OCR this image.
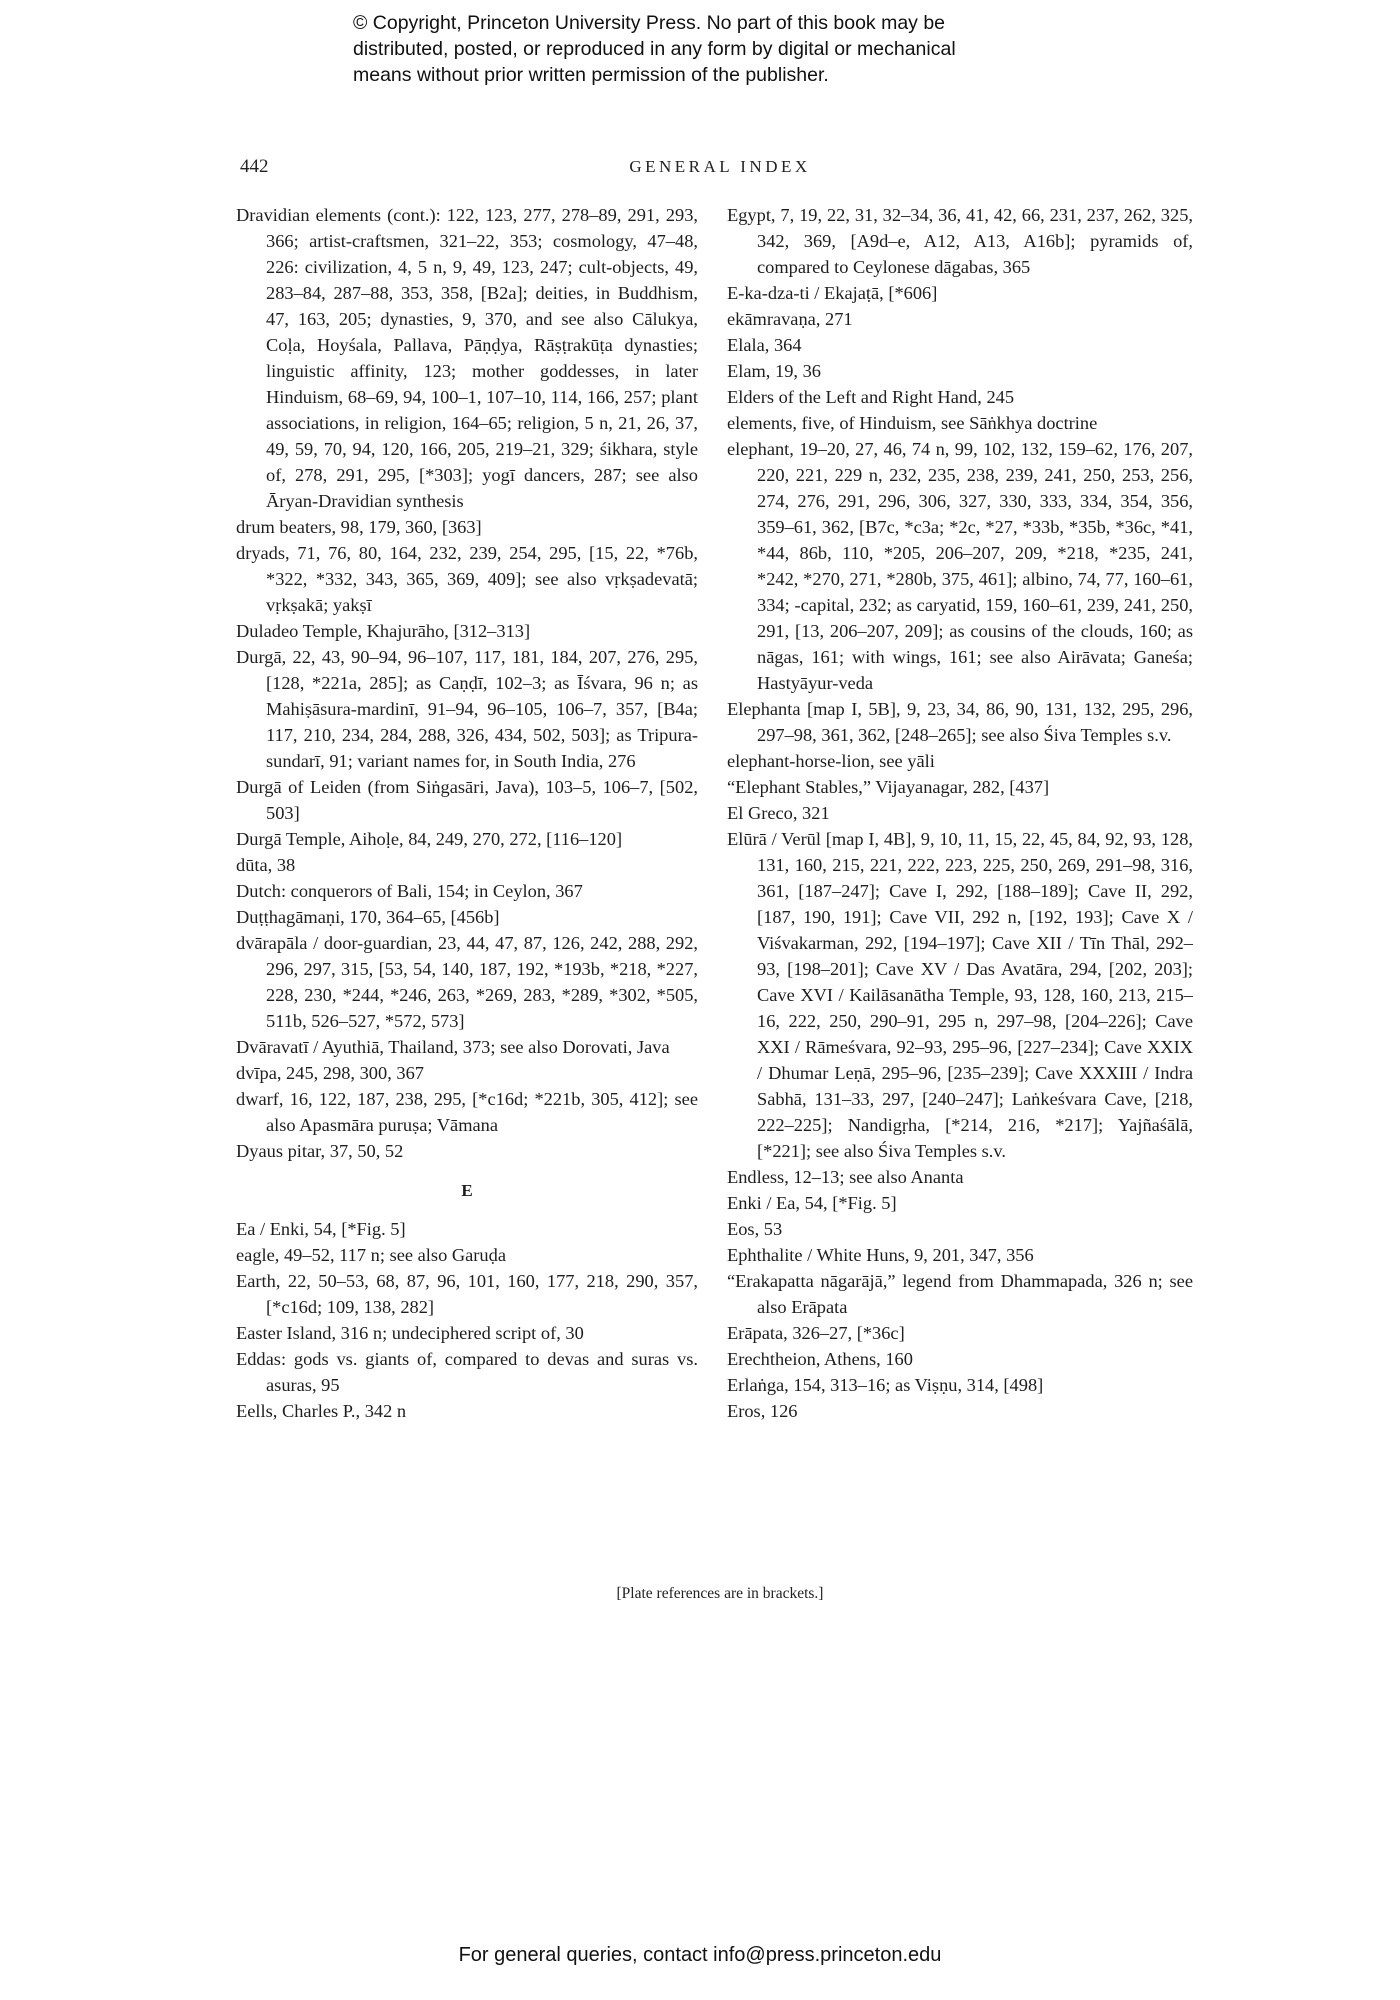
© Copyright, Princeton University Press. No part of this book may be
distributed, posted, or reproduced in any form by digital or mechanical
means without prior written permission of the publisher.
442	GENERAL INDEX

Dravidian elements (cont.): 122, 123, 277, 278–89, 291, 293, 366; artist-craftsmen, 321–22, 353; cosmology, 47–48, 226: civilization, 4, 5 n, 9, 49, 123, 247; cult-objects, 49, 283–84, 287–88, 353, 358, [B2a]; deities, in Buddhism, 47, 163, 205; dynasties, 9, 370, and see also Cālukya, Coḷa, Hoyśala, Pallava, Pāṇḍya, Rāṣṭrakūṭa dynasties; linguistic affinity, 123; mother goddesses, in later Hinduism, 68–69, 94, 100–1, 107–10, 114, 166, 257; plant associations, in religion, 164–65; religion, 5 n, 21, 26, 37, 49, 59, 70, 94, 120, 166, 205, 219–21, 329; śikhara, style of, 278, 291, 295, [*303]; yogī dancers, 287; see also Āryan-Dravidian synthesis

drum beaters, 98, 179, 360, [363]

dryads, 71, 76, 80, 164, 232, 239, 254, 295, [15, 22, *76b, *322, *332, 343, 365, 369, 409]; see also vṛkṣadevatā; vṛkṣakā; yakṣī

Duladeo Temple, Khajurāho, [312–313]

Durgā, 22, 43, 90–94, 96–107, 117, 181, 184, 207, 276, 295, [128, *221a, 285]; as Caṇḍī, 102–3; as Īśvara, 96 n; as Mahiṣāsura-mardinī, 91–94, 96–105, 106–7, 357, [B4a; 117, 210, 234, 284, 288, 326, 434, 502, 503]; as Tripura-sundarī, 91; variant names for, in South India, 276

Durgā of Leiden (from Siṅgasāri, Java), 103–5, 106–7, [502, 503]

Durgā Temple, Aihoḷe, 84, 249, 270, 272, [116–120]

dūta, 38

Dutch: conquerors of Bali, 154; in Ceylon, 367

Duṭṭhagāmaṇi, 170, 364–65, [456b]

dvārapāla / door-guardian, 23, 44, 47, 87, 126, 242, 288, 292, 296, 297, 315, [53, 54, 140, 187, 192, *193b, *218, *227, 228, 230, *244, *246, 263, *269, 283, *289, *302, *505, 511b, 526–527, *572, 573]

Dvāravatī / Ayuthiā, Thailand, 373; see also Dorovati, Java

dvīpa, 245, 298, 300, 367

dwarf, 16, 122, 187, 238, 295, [*c16d; *221b, 305, 412]; see also Apasmāra puruṣa; Vāmana

Dyaus pitar, 37, 50, 52

E

Ea / Enki, 54, [*Fig. 5]

eagle, 49–52, 117 n; see also Garuḍa

Earth, 22, 50–53, 68, 87, 96, 101, 160, 177, 218, 290, 357, [*c16d; 109, 138, 282]

Easter Island, 316 n; undeciphered script of, 30

Eddas: gods vs. giants of, compared to devas and suras vs. asuras, 95

Eells, Charles P., 342 n

Egypt, 7, 19, 22, 31, 32–34, 36, 41, 42, 66, 231, 237, 262, 325, 342, 369, [A9d–e, A12, A13, A16b]; pyramids of, compared to Ceylonese dāgabas, 365

E-ka-dza-ti / Ekajaṭā, [*606]

ekāmravaṇa, 271

Elala, 364

Elam, 19, 36

Elders of the Left and Right Hand, 245

elements, five, of Hinduism, see Sāṅkhya doctrine

elephant, 19–20, 27, 46, 74 n, 99, 102, 132, 159–62, 176, 207, 220, 221, 229 n, 232, 235, 238, 239, 241, 250, 253, 256, 274, 276, 291, 296, 306, 327, 330, 333, 334, 354, 356, 359–61, 362, [B7c, *c3a; *2c, *27, *33b, *35b, *36c, *41, *44, 86b, 110, *205, 206–207, 209, *218, *235, 241, *242, *270, 271, *280b, 375, 461]; albino, 74, 77, 160–61, 334; -capital, 232; as caryatid, 159, 160–61, 239, 241, 250, 291, [13, 206–207, 209]; as cousins of the clouds, 160; as nāgas, 161; with wings, 161; see also Airāvata; Ganeśa; Hastyāyur-veda

Elephanta [map I, 5B], 9, 23, 34, 86, 90, 131, 132, 295, 296, 297–98, 361, 362, [248–265]; see also Śiva Temples s.v.

elephant-horse-lion, see yāli

“Elephant Stables,” Vijayanagar, 282, [437]

El Greco, 321

Elūrā / Verūl [map I, 4B], 9, 10, 11, 15, 22, 45, 84, 92, 93, 128, 131, 160, 215, 221, 222, 223, 225, 250, 269, 291–98, 316, 361, [187–247]; Cave I, 292, [188–189]; Cave II, 292, [187, 190, 191]; Cave VII, 292 n, [192, 193]; Cave X / Viśvakarman, 292, [194–197]; Cave XII / Tīn Thāl, 292–93, [198–201]; Cave XV / Das Avatāra, 294, [202, 203]; Cave XVI / Kailāsanātha Temple, 93, 128, 160, 213, 215–16, 222, 250, 290–91, 295 n, 297–98, [204–226]; Cave XXI / Rāmeśvara, 92–93, 295–96, [227–234]; Cave XXIX / Dhumar Leṇā, 295–96, [235–239]; Cave XXXIII / Indra Sabhā, 131–33, 297, [240–247]; Laṅkeśvara Cave, [218, 222–225]; Nandigṛha, [*214, 216, *217]; Yajñaśālā, [*221]; see also Śiva Temples s.v.

Endless, 12–13; see also Ananta

Enki / Ea, 54, [*Fig. 5]

Eos, 53

Ephthalite / White Huns, 9, 201, 347, 356

“Erakapatta nāgarājā,” legend from Dhammapada, 326 n; see also Erāpata

Erāpata, 326–27, [*36c]

Erechtheion, Athens, 160

Erlaṅga, 154, 313–16; as Viṣṇu, 314, [498]

Eros, 126

[Plate references are in brackets.]
For general queries, contact info@press.princeton.edu
